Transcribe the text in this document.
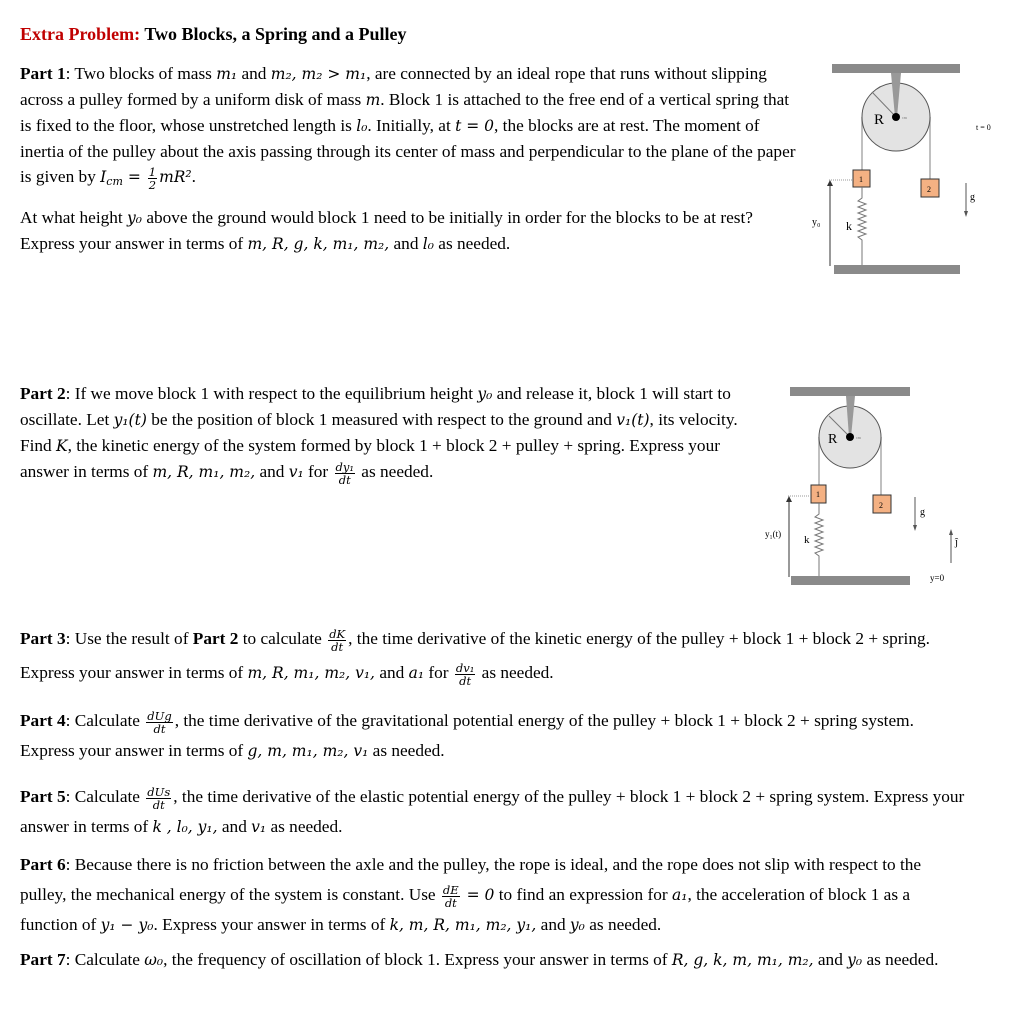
Extra Problem: Two Blocks, a Spring and a Pulley
Part 1: Two blocks of mass m₁ and m₂, m₂ > m₁, are connected by an ideal rope that runs without slipping across a pulley formed by a uniform disk of mass m. Block 1 is attached to the free end of a vertical spring that is fixed to the floor, whose unstretched length is l₀. Initially, at t = 0, the blocks are at rest. The moment of inertia of the pulley about the axis passing through its center of mass and perpendicular to the plane of the paper is given by Icm = $\frac{1}{2} mR^2$.
At what height y₀ above the ground would block 1 need to be initially in order for the blocks to be at rest? Express your answer in terms of m, R, g, k, m₁, m₂, and l₀ as needed.
Part 2: If we move block 1 with respect to the equilibrium height y₀ and release it, block 1 will start to oscillate. Let y₁(t) be the position of block 1 measured with respect to the ground and v₁(t), its velocity. Find K, the kinetic energy of the system formed by block 1 + block 2 + pulley + spring. Express your answer in terms of m, R, m₁, m₂, and v₁ for $\frac{\text{dy₁}}{dt}$ as needed.
Part 3: Use the result of Part 2 to calculate $\frac{dK}{dt}$ , the time derivative of the kinetic energy of the pulley + block 1 + block 2 + spring. Express your answer in terms of m, R, m₁, m₂, v₁, and a₁ for $\frac{\text{dv₁}}{dt}$ as needed.
Part 4: Calculate $\frac{\text{dUg}}{dt}$ , the time derivative of the gravitational potential energy of the pulley + block 1 + block 2 + spring system. Express your answer in terms of g, m, m₁, m₂, v₁ as needed.
Part 5: Calculate $\frac{\text{dUs}}{dt}$ , the time derivative of the elastic potential energy of the pulley + block 1 + block 2 + spring system. Express your answer in terms of k , l₀, y₁, and v₁ as needed.
Part 6: Because there is no friction between the axle and the pulley, the rope is ideal, and the rope does not slip with respect to the pulley, the mechanical energy of the system is constant. Use $\frac{dE}{dt} = 0$ to find an expression for a₁, the acceleration of block 1 as a function of y₁ − y₀. Express your answer in terms of k, m, R, m₁, m₂, y₁, and y₀ as needed.
Part 7: Calculate ω₀, the frequency of oscillation of block 1. Express your answer in terms of R, g, k, m, m₁, m₂, and y₀ as needed.
R	cm
t = 0
1
2
k
y₀
g
R	cm
1
2
k
y₁(t)
g
ĵ
y=0
